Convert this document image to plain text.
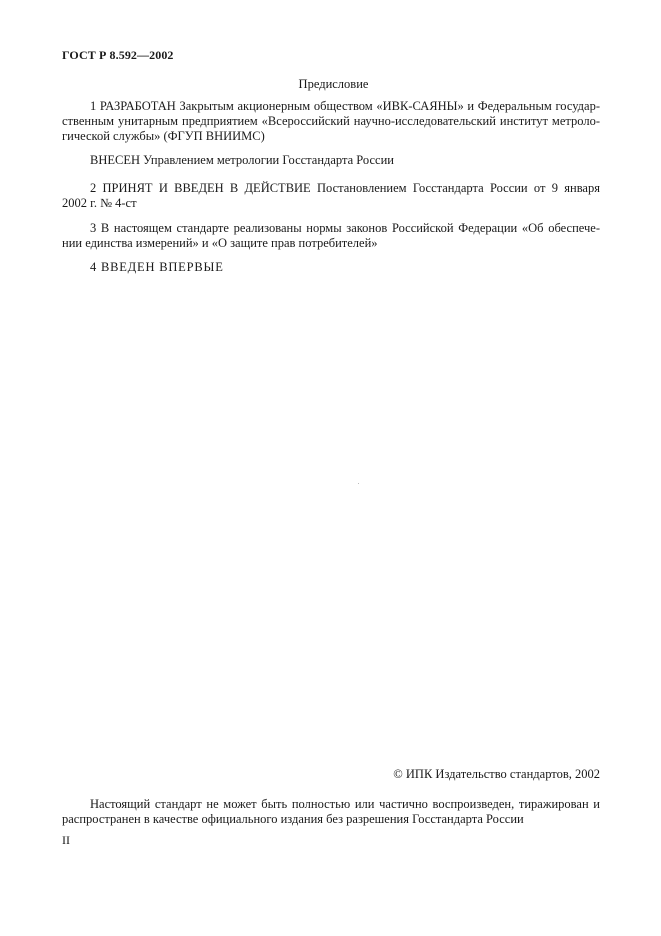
ГОСТ Р 8.592—2002
Предисловие
1 РАЗРАБОТАН Закрытым акционерным обществом «ИВК-САЯНЫ» и Федеральным государ-
ственным унитарным предприятием «Всероссийский научно-исследовательский институт метроло-
гической службы» (ФГУП ВНИИМС)
ВНЕСЕН Управлением метрологии Госстандарта России
2 ПРИНЯТ И ВВЕДЕН В ДЕЙСТВИЕ Постановлением Госстандарта России от 9 января
2002 г. № 4-ст
3 В настоящем стандарте реализованы нормы законов Российской Федерации «Об обеспече-
нии единства измерений» и «О защите прав потребителей»
4 ВВЕДЕН ВПЕРВЫЕ
© ИПК Издательство стандартов, 2002
Настоящий стандарт не может быть полностью или частично воспроизведен, тиражирован и
распространен в качестве официального издания без разрешения Госстандарта России
II
